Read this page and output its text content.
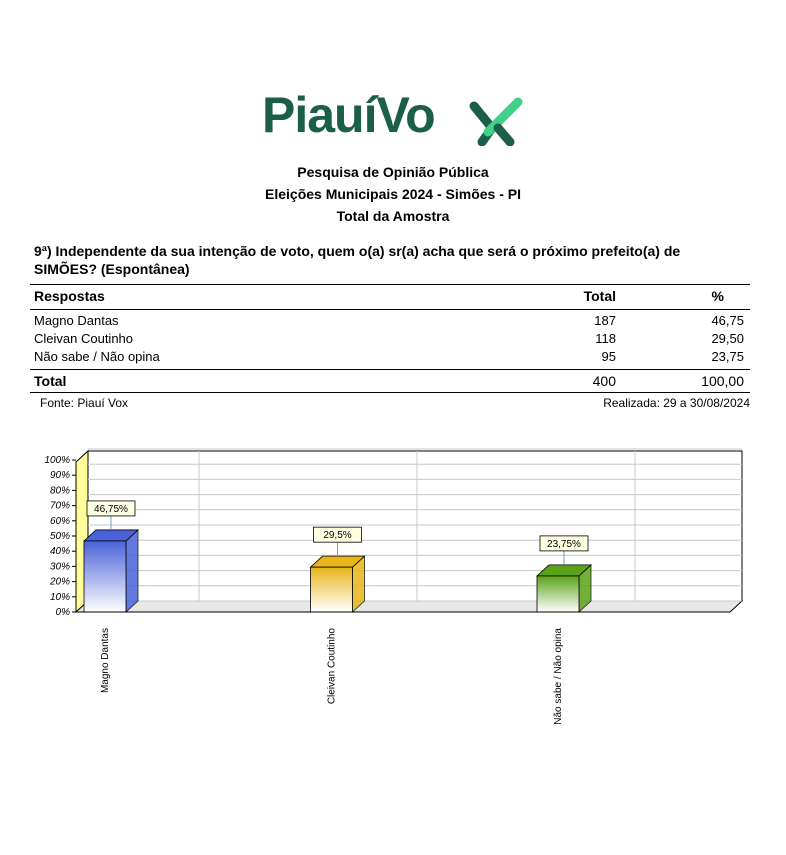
PiauíVo
Pesquisa de Opinião Pública
Eleições Municipais 2024 - Simões - PI
Total da Amostra
9ª) Independente da sua intenção de voto, quem o(a) sr(a) acha que será o próximo prefeito(a) de
SIMÕES? (Espontânea)
Respostas	Total	%
Magno Dantas	187	46,75
Cleivan Coutinho	118	29,50
Não sabe / Não opina	95	23,75
Total	400	100,00
Fonte: Piauí Vox	Realizada: 29 a 30/08/2024
0%
10%
20%
30%
40%
50%
60%
70%
80%
90%
100%
46,75%
Magno Dantas
29,5%
Cleivan Coutinho
23,75%
Não sabe / Não opina
